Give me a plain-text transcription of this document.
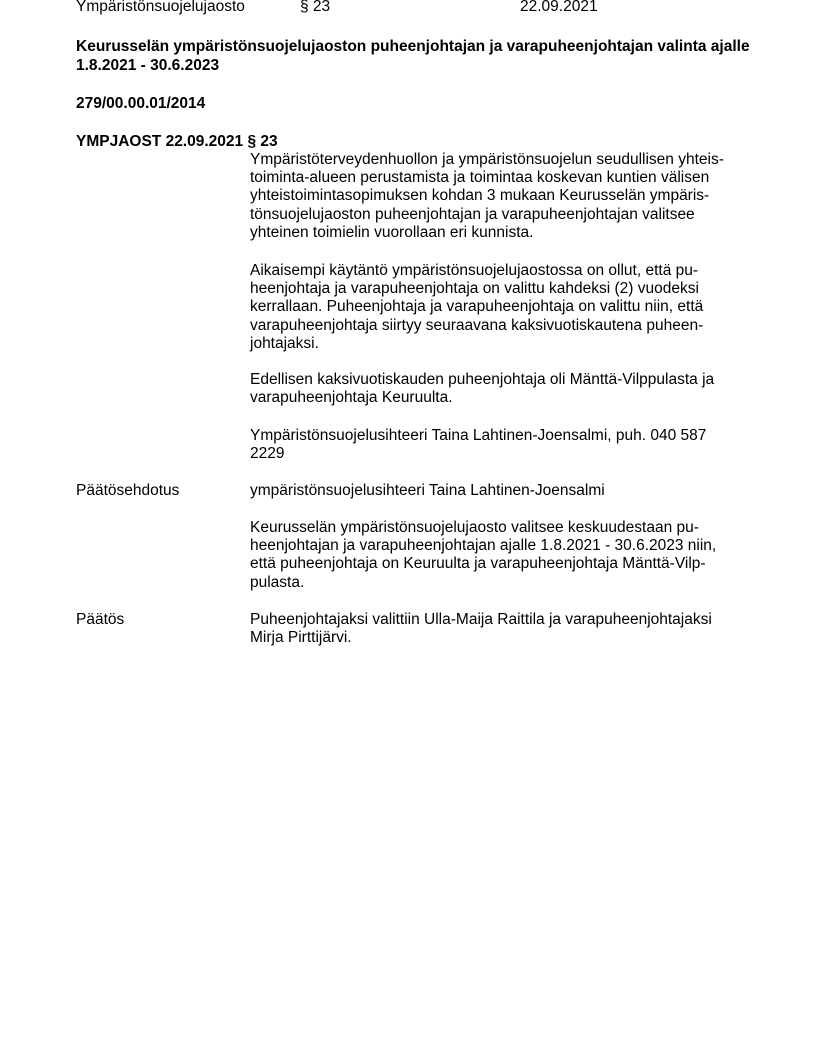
Ympäristönsuojelujaosto	§ 23	22.09.2021
Keurusselän ympäristönsuojelujaoston puheenjohtajan ja varapuheenjohtajan valinta ajalle 1.8.2021 - 30.6.2023
279/00.00.01/2014
YMPJAOST 22.09.2021 § 23

Ympäristöterveydenhuollon ja ympäristönsuojelun seudullisen yhteis-
toiminta-alueen perustamista ja toimintaa koskevan kuntien välisen
yhteistoimintasopimuksen kohdan 3 mukaan Keurusselän ympäris-
tönsuojelujaoston puheenjohtajan ja varapuheenjohtajan valitsee
yhteinen toimielin vuorollaan eri kunnista.

Aikaisempi käytäntö ympäristönsuojelujaostossa on ollut, että pu-
heenjohtaja ja varapuheenjohtaja on valittu kahdeksi (2) vuodeksi
kerrallaan. Puheenjohtaja ja varapuheenjohtaja on valittu niin, että
varapuheenjohtaja siirtyy seuraavana kaksivuotiskautena puheen-
johtajaksi.

Edellisen kaksivuotiskauden puheenjohtaja oli Mänttä-Vilppulasta ja
varapuheenjohtaja Keuruulta.

Ympäristönsuojelusihteeri Taina Lahtinen-Joensalmi, puh. 040 587
2229

Päätösehdotus	ympäristönsuojelusihteeri Taina Lahtinen-Joensalmi

Keurusselän ympäristönsuojelujaosto valitsee keskuudestaan pu-
heenjohtajan ja varapuheenjohtajan ajalle 1.8.2021 - 30.6.2023 niin,
että puheenjohtaja on Keuruulta ja varapuheenjohtaja Mänttä-Vilp-
pulasta.

Päätös	Puheenjohtajaksi valittiin Ulla-Maija Raittila ja varapuheenjohtajaksi
Mirja Pirttijärvi.
